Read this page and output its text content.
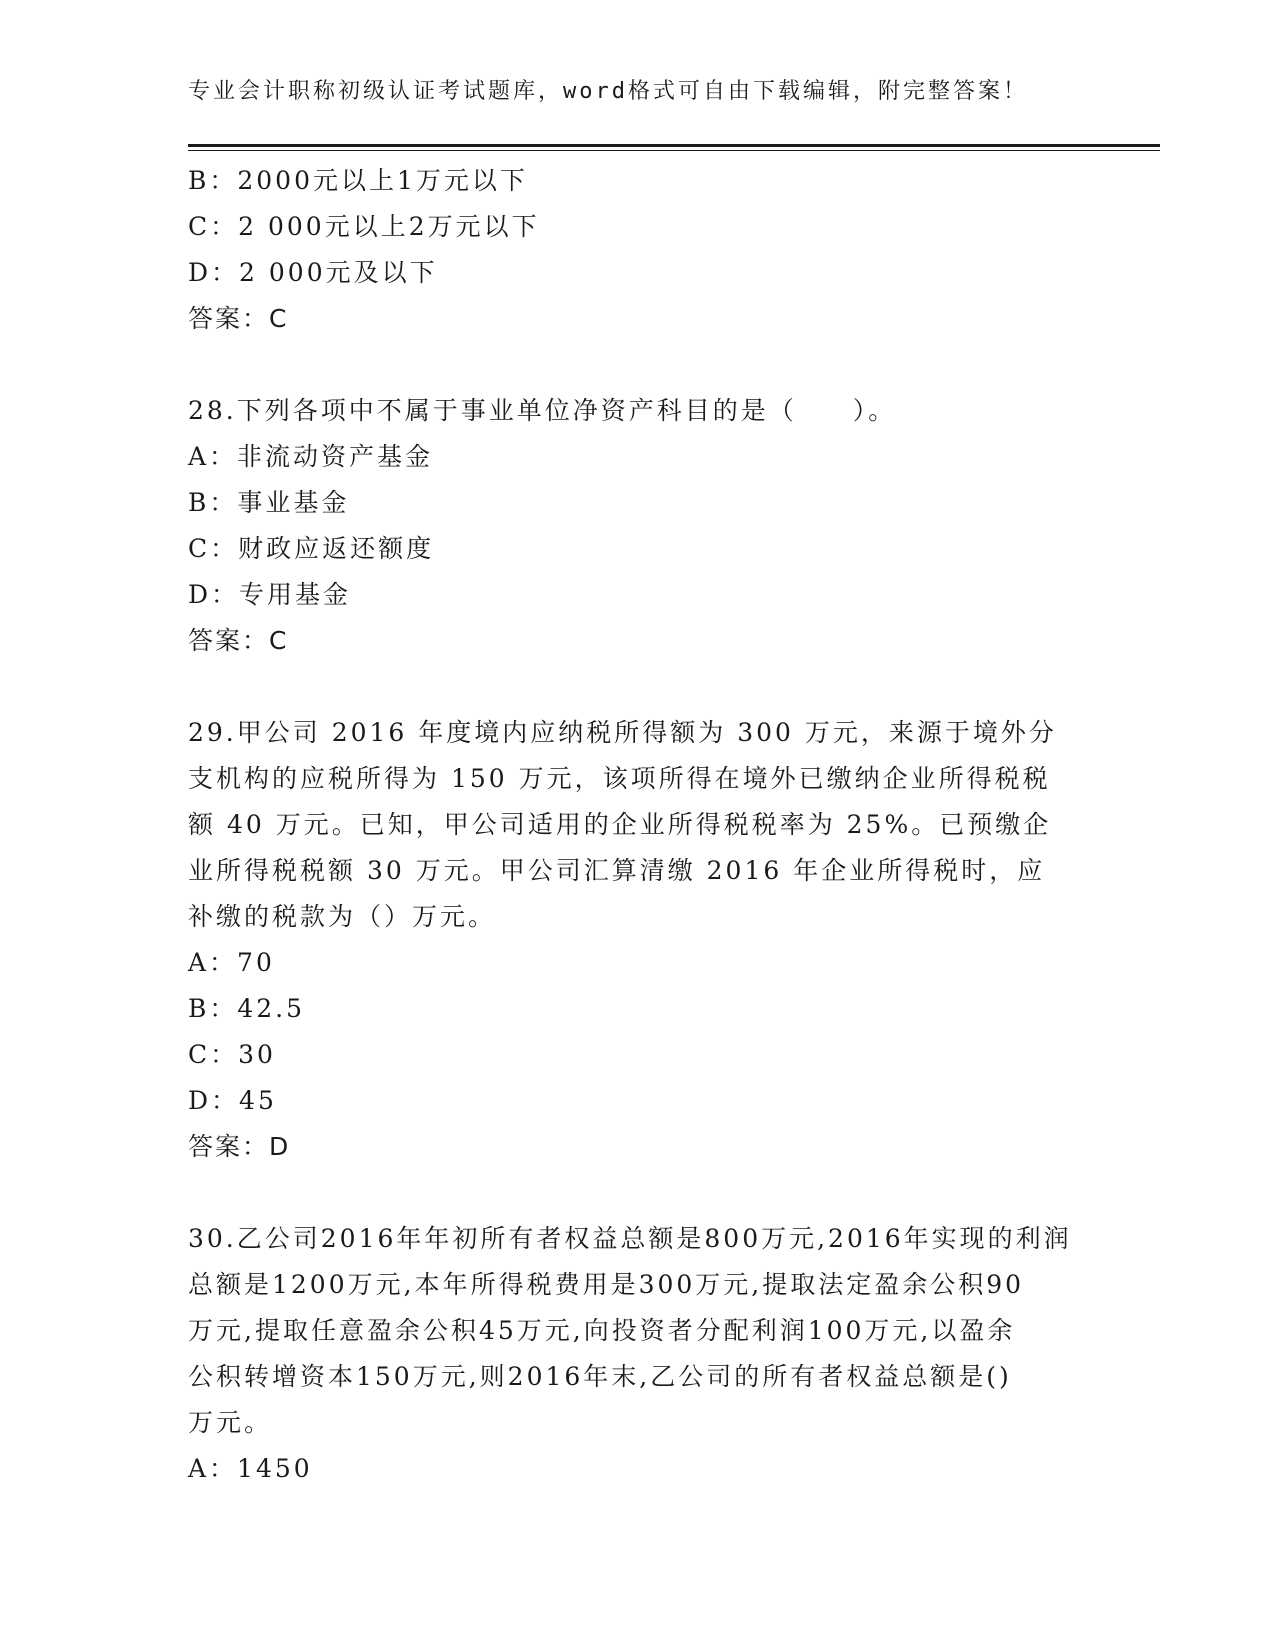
专业会计职称初级认证考试题库，word格式可自由下载编辑，附完整答案！
B：2000元以上1万元以下
C：2 000元以上2万元以下
D：2 000元及以下
答案：C
28.下列各项中不属于事业单位净资产科目的是（　　）。
A：非流动资产基金
B：事业基金
C：财政应返还额度
D：专用基金
答案：C
29.甲公司 2016 年度境内应纳税所得额为 300 万元，来源于境外分
支机构的应税所得为 150 万元，该项所得在境外已缴纳企业所得税税
额 40 万元。已知，甲公司适用的企业所得税税率为 25%。已预缴企
业所得税税额 30 万元。甲公司汇算清缴 2016 年企业所得税时，应
补缴的税款为（）万元。
A：70
B：42.5
C：30
D：45
答案：D
30.乙公司2016年年初所有者权益总额是800万元,2016年实现的利润
总额是1200万元,本年所得税费用是300万元,提取法定盈余公积90
万元,提取任意盈余公积45万元,向投资者分配利润100万元,以盈余
公积转增资本150万元,则2016年末,乙公司的所有者权益总额是()
万元。
A：1450
